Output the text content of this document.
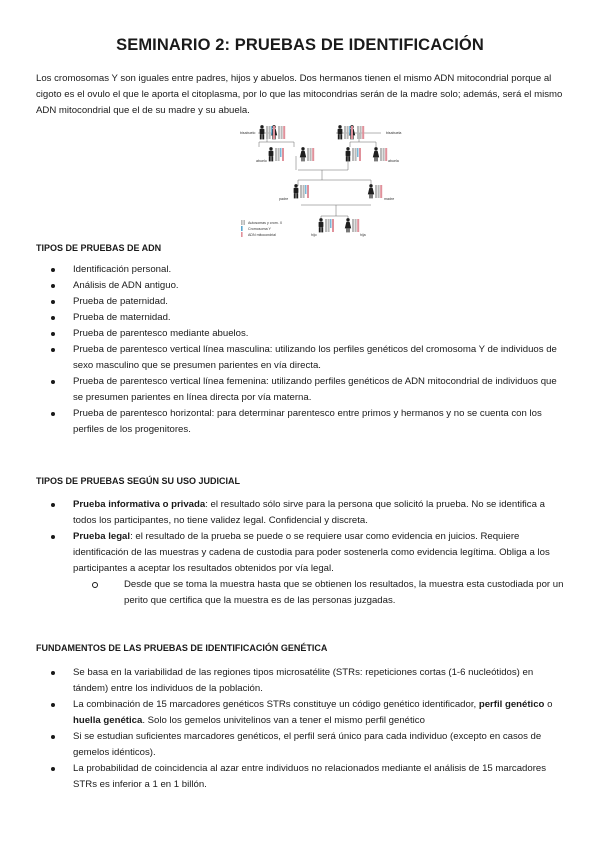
SEMINARIO 2: PRUEBAS DE IDENTIFICACIÓN

Los cromosomas Y son iguales entre padres, hijos y abuelos. Dos hermanos tienen el mismo ADN mitocondrial porque al cigoto es el ovulo el que le aporta el citoplasma, por lo que las mitocondrias serán de la madre solo; además, será el mismo ADN mitocondrial que el de su madre y su abuela.

bisabuelo	bisabuela
abuelo	abuela
padre	madre
hijo	hija
Autosomas y crom. X
Cromosoma Y
ADN mitocondrial

TIPOS DE PRUEBAS DE ADN

Identificación personal.
Análisis de ADN antiguo.
Prueba de paternidad.
Prueba de maternidad.
Prueba de parentesco mediante abuelos.
Prueba de parentesco vertical línea masculina: utilizando los perfiles genéticos del cromosoma Y de individuos de sexo masculino que se presumen parientes en vía directa.
Prueba de parentesco vertical línea femenina: utilizando perfiles genéticos de ADN mitocondrial de individuos que se presumen parientes en línea directa por vía materna.
Prueba de parentesco horizontal: para determinar parentesco entre primos y hermanos y no se cuenta con los perfiles de los progenitores.

TIPOS DE PRUEBAS SEGÚN SU USO JUDICIAL

Prueba informativa o privada: el resultado sólo sirve para la persona que solicitó la prueba. No se identifica a todos los participantes, no tiene validez legal. Confidencial y discreta.
Prueba legal: el resultado de la prueba se puede o se requiere usar como evidencia en juicios. Requiere identificación de las muestras y cadena de custodia para poder sostenerla como evidencia legítima. Obliga a los participantes a aceptar los resultados obtenidos por vía legal.
Desde que se toma la muestra hasta que se obtienen los resultados, la muestra esta custodiada por un perito que certifica que la muestra es de las personas juzgadas.

FUNDAMENTOS DE LAS PRUEBAS DE IDENTIFICACIÓN GENÉTICA

Se basa en la variabilidad de las regiones tipos microsatélite (STRs: repeticiones cortas (1-6 nucleótidos) en tándem) entre los individuos de la población.
La combinación de 15 marcadores genéticos STRs constituye un código genético identificador, perfil genético o huella genética. Solo los gemelos univitelinos van a tener el mismo perfil genético
Si se estudian suficientes marcadores genéticos, el perfil será único para cada individuo (excepto en casos de gemelos idénticos).
La probabilidad de coincidencia al azar entre individuos no relacionados mediante el análisis de 15 marcadores STRs es inferior a 1 en 1 billón.
